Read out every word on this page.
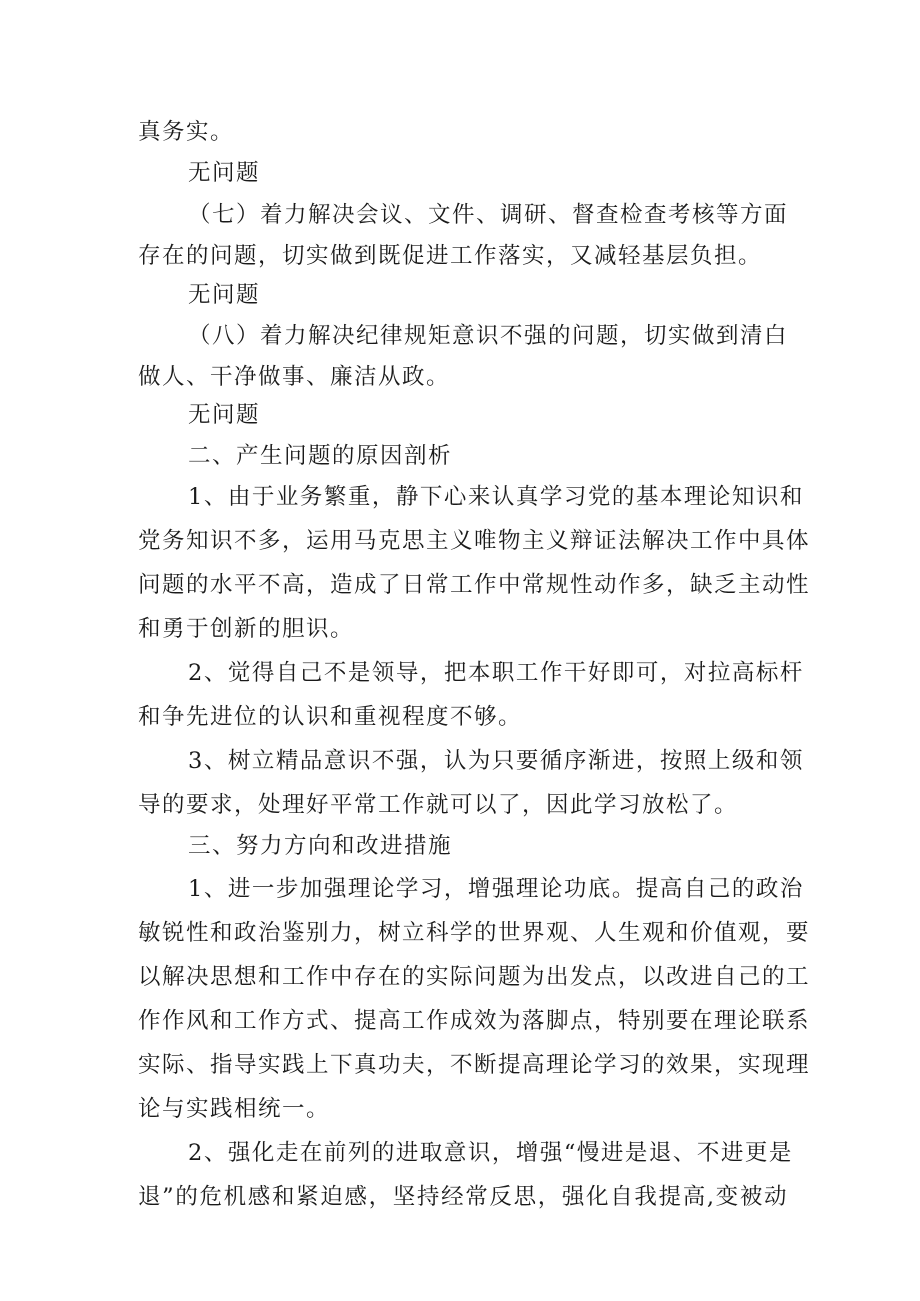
真务实。
无问题
（七）着力解决会议、文件、调研、督查检查考核等方面
存在的问题，切实做到既促进工作落实，又减轻基层负担。
无问题
（八）着力解决纪律规矩意识不强的问题，切实做到清白
做人、干净做事、廉洁从政。
无问题
二、产生问题的原因剖析
1、由于业务繁重，静下心来认真学习党的基本理论知识和
党务知识不多，运用马克思主义唯物主义辩证法解决工作中具体
问题的水平不高，造成了日常工作中常规性动作多，缺乏主动性
和勇于创新的胆识。
2、觉得自己不是领导，把本职工作干好即可，对拉高标杆
和争先进位的认识和重视程度不够。
3、树立精品意识不强，认为只要循序渐进，按照上级和领
导的要求，处理好平常工作就可以了，因此学习放松了。
三、努力方向和改进措施
1、进一步加强理论学习，增强理论功底。提高自己的政治
敏锐性和政治鉴别力，树立科学的世界观、人生观和价值观，要
以解决思想和工作中存在的实际问题为出发点，以改进自己的工
作作风和工作方式、提高工作成效为落脚点，特别要在理论联系
实际、指导实践上下真功夫，不断提高理论学习的效果，实现理
论与实践相统一。
2、强化走在前列的进取意识，增强“慢进是退、不进更是
退”的危机感和紧迫感，坚持经常反思，强化自我提高,变被动
